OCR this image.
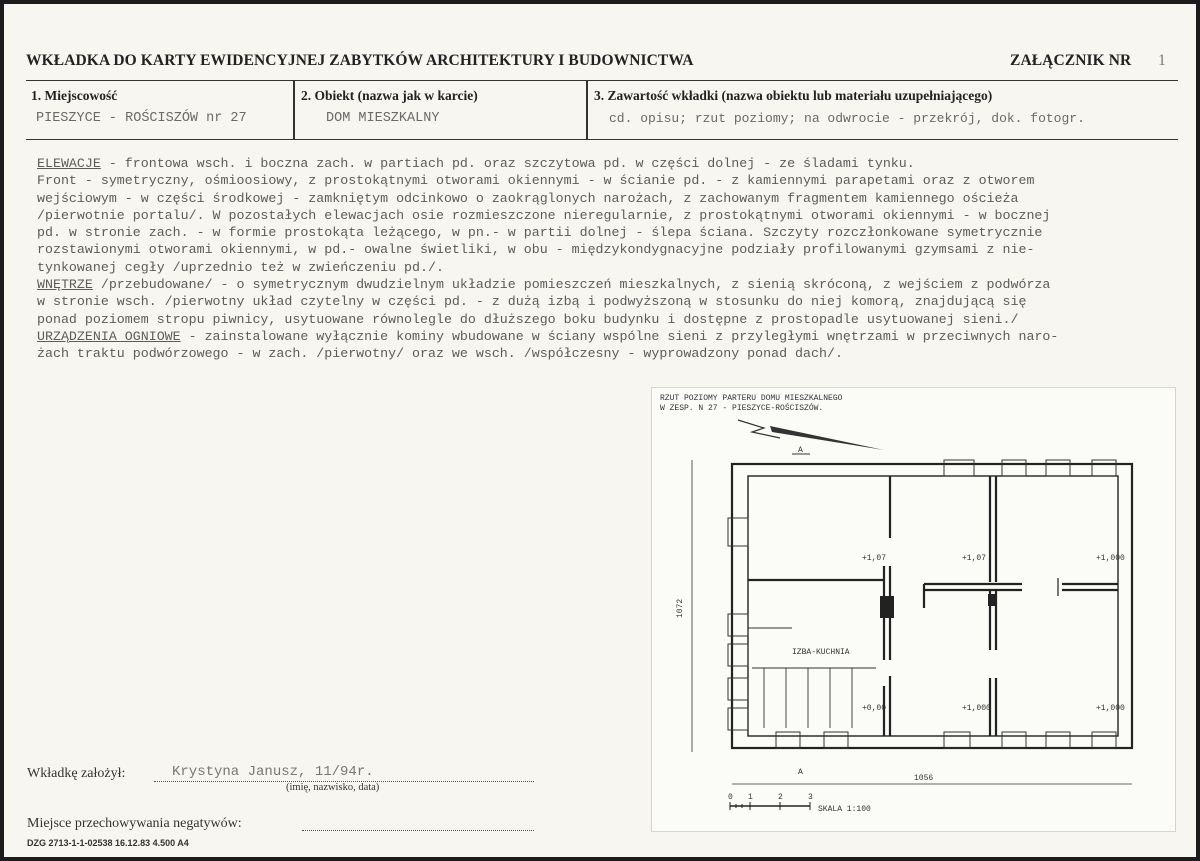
WKŁADKA DO KARTY EWIDENCYJNEJ ZABYTKÓW ARCHITEKTURY I BUDOWNICTWA	ZAŁĄCZNIK NR 1
1. Miejscowość
PIESZYCE - ROŚCISZÓW nr 27
2. Obiekt (nazwa jak w karcie)
DOM MIESZKALNY
3. Zawartość wkładki (nazwa obiektu lub materiału uzupełniającego)
cd. opisu; rzut poziomy; na odwrocie - przekrój, dok. fotogr.
ELEWACJE - frontowa wsch. i boczna zach. w partiach pd. oraz szczytowa pd. w części dolnej - ze śladami tynku.
Front - symetryczny, ośmioosiowy, z prostokątnymi otworami okiennymi - w ścianie pd. - z kamiennymi parapetami oraz z otworem
wejściowym - w części środkowej - zamkniętym odcinkowo o zaokrąglonych narożach, z zachowanym fragmentem kamiennego ościeża
/pierwotnie portalu/. W pozostałych elewacjach osie rozmieszczone nieregularnie, z prostokątnymi otworami okiennymi - w bocznej
pd. w stronie zach. - w formie prostokąta leżącego, w pn.- w partii dolnej - ślepa ściana. Szczyty rozczłonkowane symetrycznie
rozstawionymi otworami okiennymi, w pd.- owalne świetliki, w obu - międzykondygnacyjne podziały profilowanymi gzymsami z nie-
tynkowanej cegły /uprzednio też w zwieńczeniu pd./.
WNĘTRZE /przebudowane/ - o symetrycznym dwudzielnym układzie pomieszczeń mieszkalnych, z sienią skróconą, z wejściem z podwórza
w stronie wsch. /pierwotny układ czytelny w części pd. - z dużą izbą i podwyższoną w stosunku do niej komorą, znajdującą się
ponad poziomem stropu piwnicy, usytuowane równolegle do dłuższego boku budynku i dostępne z prostopadle usytuowanej sieni./
URZĄDZENIA OGNIOWE - zainstalowane wyłącznie kominy wbudowane w ściany wspólne sieni z przyległymi wnętrzami w przeciwnych naro-
żach traktu podwórzowego - w zach. /pierwotny/ oraz we wsch. /współczesny - wyprowadzony ponad dach/.
RZUT POZIOMY PARTERU DOMU MIESZKALNEGO
W ZESP. N 27 - PIESZYCE-ROŚCISZÓW.
A
IZBA-KUCHNIA
+1,07	+1,07	+1,000
+0,00	+1,000	+1,000
1072
1056
A
0 1	2	3
SKALA 1:100
Wkładkę założył:	Krystyna Janusz, 11/94r.
(imię, nazwisko, data)
Miejsce przechowywania negatywów:
DZG 2713-1-1-02538 16.12.83 4.500 A4
